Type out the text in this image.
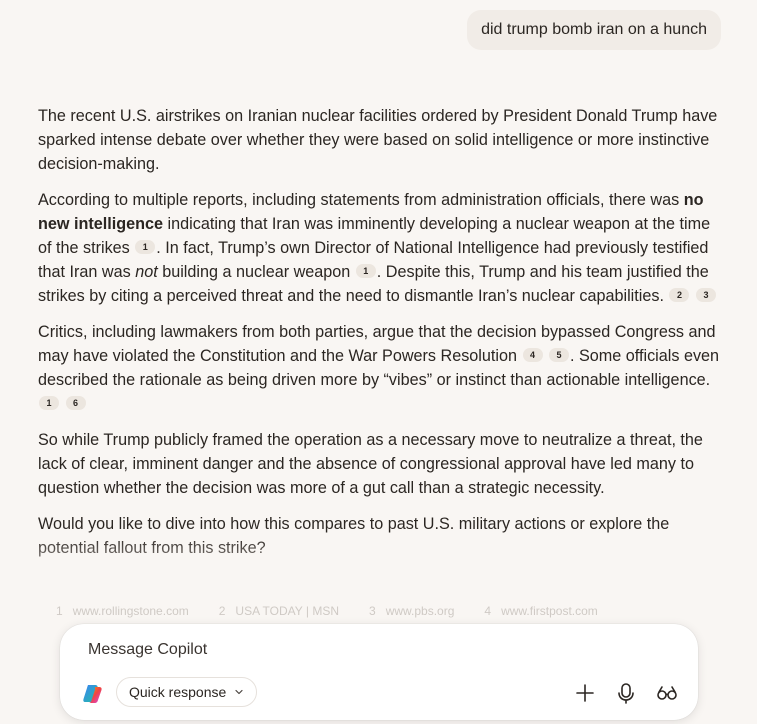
did trump bomb iran on a hunch

The recent U.S. airstrikes on Iranian nuclear facilities ordered by President Donald Trump have sparked intense debate over whether they were based on solid intelligence or more instinctive decision-making.

According to multiple reports, including statements from administration officials, there was no new intelligence indicating that Iran was imminently developing a nuclear weapon at the time of the strikes 1 . In fact, Trump’s own Director of National Intelligence had previously testified that Iran was not building a nuclear weapon 1 . Despite this, Trump and his team justified the strikes by citing a perceived threat and the need to dismantle Iran’s nuclear capabilities. 2 3

Critics, including lawmakers from both parties, argue that the decision bypassed Congress and may have violated the Constitution and the War Powers Resolution 4 5 . Some officials even described the rationale as being driven more by “vibes” or instinct than actionable intelligence. 1 6

So while Trump publicly framed the operation as a necessary move to neutralize a threat, the lack of clear, imminent danger and the absence of congressional approval have led many to question whether the decision was more of a gut call than a strategic necessity.

Would you like to dive into how this compares to past U.S. military actions or explore the potential fallout from this strike?

1 www.rollingstone.com	2 USA TODAY | MSN	3 www.pbs.org	4 www.firstpost.com
Message Copilot
Quick response
